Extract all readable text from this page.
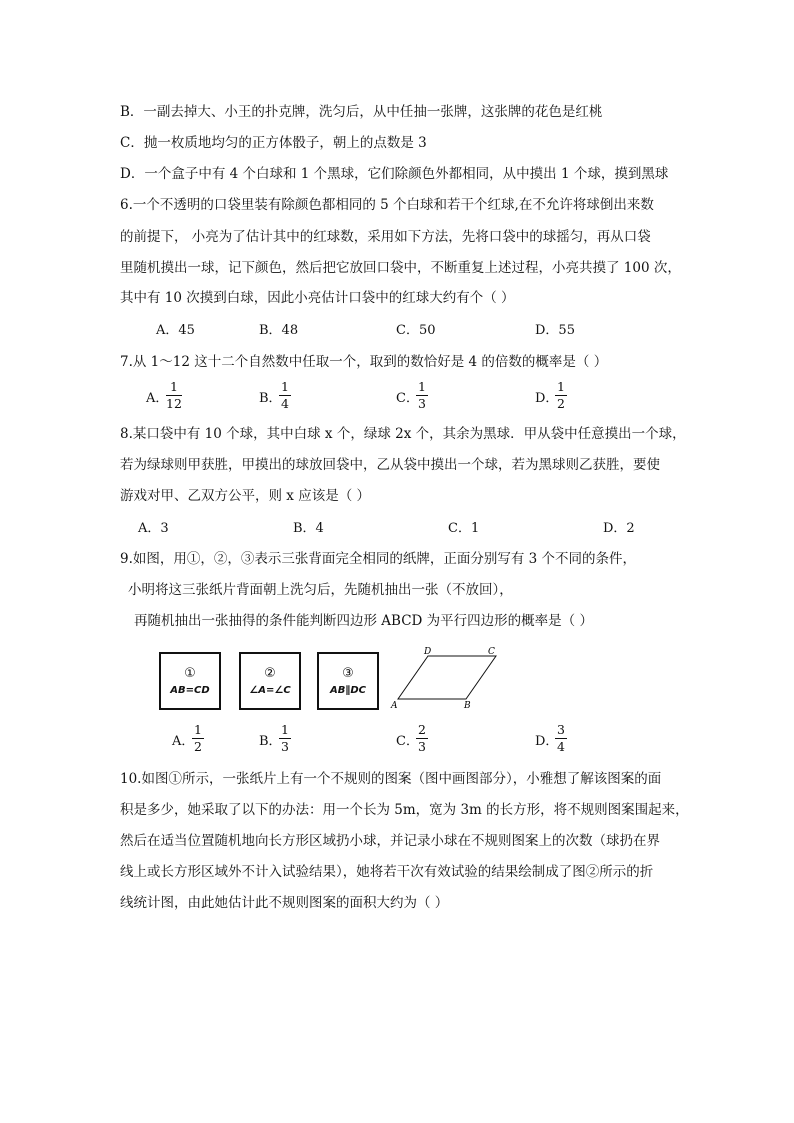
B．一副去掉大、小王的扑克牌，洗匀后，从中任抽一张牌，这张牌的花色是红桃
C．抛一枚质地均匀的正方体骰子，朝上的点数是 3
D．一个盒子中有 4 个白球和 1 个黑球，它们除颜色外都相同，从中摸出 1 个球，摸到黑球
6.一个不透明的口袋里装有除颜色都相同的 5 个白球和若干个红球,在不允许将球倒出来数
的前提下， 小亮为了估计其中的红球数，采用如下方法，先将口袋中的球摇匀，再从口袋
里随机摸出一球，记下颜色，然后把它放回口袋中，不断重复上述过程，小亮共摸了 100 次，
其中有 10 次摸到白球，因此小亮估计口袋中的红球大约有个（ ）
A．45	B．48	C．50	D．55
7.从 1～12 这十二个自然数中任取一个，取到的数恰好是 4 的倍数的概率是（ ）
A．
1
12	B．
1
4	C．
1
3	D．
1
2
8.某口袋中有 10 个球，其中白球 x 个，绿球 2x 个，其余为黑球．甲从袋中任意摸出一个球，
若为绿球则甲获胜，甲摸出的球放回袋中，乙从袋中摸出一个球，若为黑球则乙获胜，要使
游戏对甲、乙双方公平，则 x 应该是（ ）
A．3	B．4	C．1	D．2
9.如图，用①，②，③表示三张背面完全相同的纸牌，正面分别写有 3 个不同的条件，
小明将这三张纸片背面朝上洗匀后，先随机抽出一张（不放回），
再随机抽出一张抽得的条件能判断四边形 ABCD 为平行四边形的概率是（ ）
①
AB=CD
②
∠A=∠C
③
AB∥DC
A	B
C
D
A．
1
2	B．
1
3	C．
2
3	D．
3
4
10.如图①所示，一张纸片上有一个不规则的图案（图中画图部分），小雅想了解该图案的面
积是多少，她采取了以下的办法：用一个长为 5m，宽为 3m 的长方形，将不规则图案围起来，
然后在适当位置随机地向长方形区域扔小球，并记录小球在不规则图案上的次数（球扔在界
线上或长方形区域外不计入试验结果），她将若干次有效试验的结果绘制成了图②所示的折
线统计图，由此她估计此不规则图案的面积大约为（ ）
